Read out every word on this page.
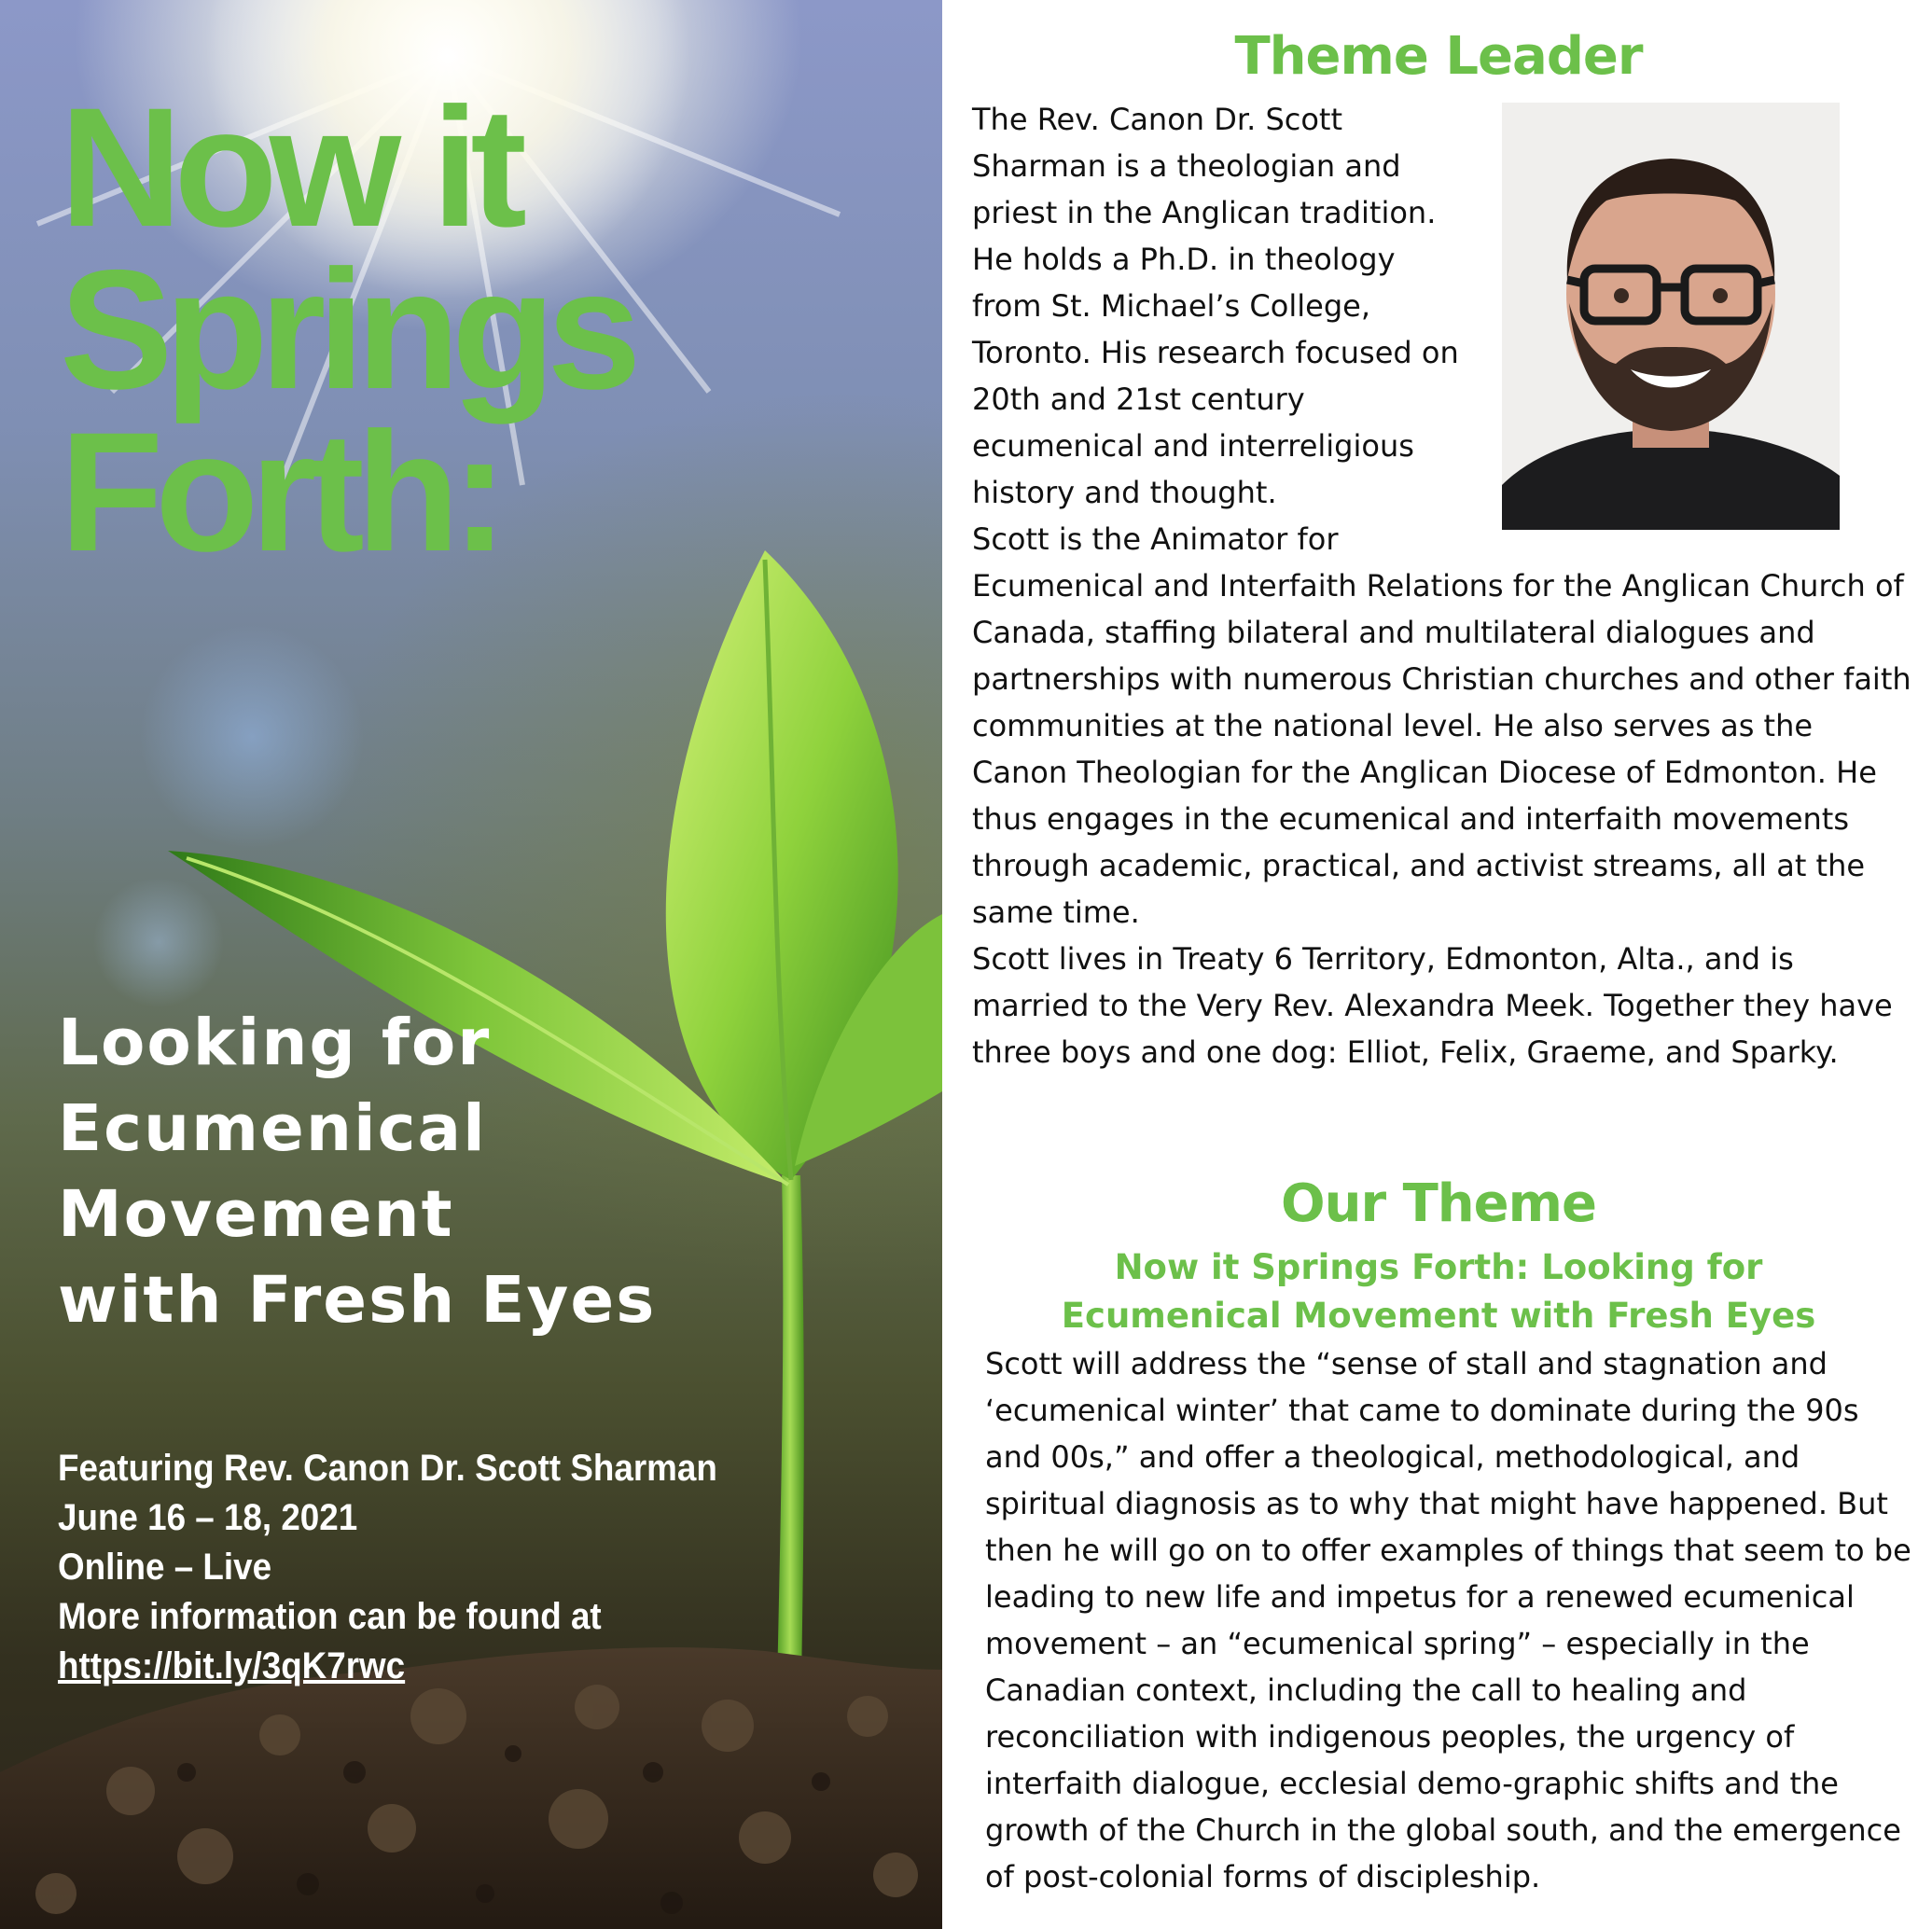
Now it
Springs
Forth:
Looking for
Ecumenical
Movement
with Fresh Eyes
Featuring Rev. Canon Dr. Scott Sharman
June 16 – 18, 2021
Online – Live
More information can be found at
https://bit.ly/3qK7rwc
Theme Leader

The Rev. Canon Dr. Scott Sharman is a theologian and priest in the Anglican tradition. He holds a Ph.D. in theology from St. Michael’s College, Toronto. His research focused on 20th and 21st century ecumenical and interreligious history and thought.

Scott is the Animator for Ecumenical and Interfaith Relations for the Anglican Church of Canada, staffing bilateral and multilateral dialogues and partnerships with numerous Christian churches and other faith communities at the national level. He also serves as the Canon Theologian for the Anglican Diocese of Edmonton. He thus engages in the ecumenical and interfaith movements through academic, practical, and activist streams, all at the same time.

Scott lives in Treaty 6 Territory, Edmonton, Alta., and is married to the Very Rev. Alexandra Meek. Together they have three boys and one dog: Elliot, Felix, Graeme, and Sparky.

Our Theme
Now it Springs Forth: Looking for
Ecumenical Movement with Fresh Eyes

Scott will address the “sense of stall and stagnation and ‘ecumenical winter’ that came to dominate during the 90s and 00s,” and offer a theological, methodological, and spiritual diagnosis as to why that might have happened. But then he will go on to offer examples of things that seem to be leading to new life and impetus for a renewed ecumenical movement – an “ecumenical spring” – especially in the Canadian context, including the call to healing and reconciliation with indigenous peoples, the urgency of interfaith dialogue, ecclesial demo-graphic shifts and the growth of the Church in the global south, and the emergence of post-colonial forms of discipleship.
